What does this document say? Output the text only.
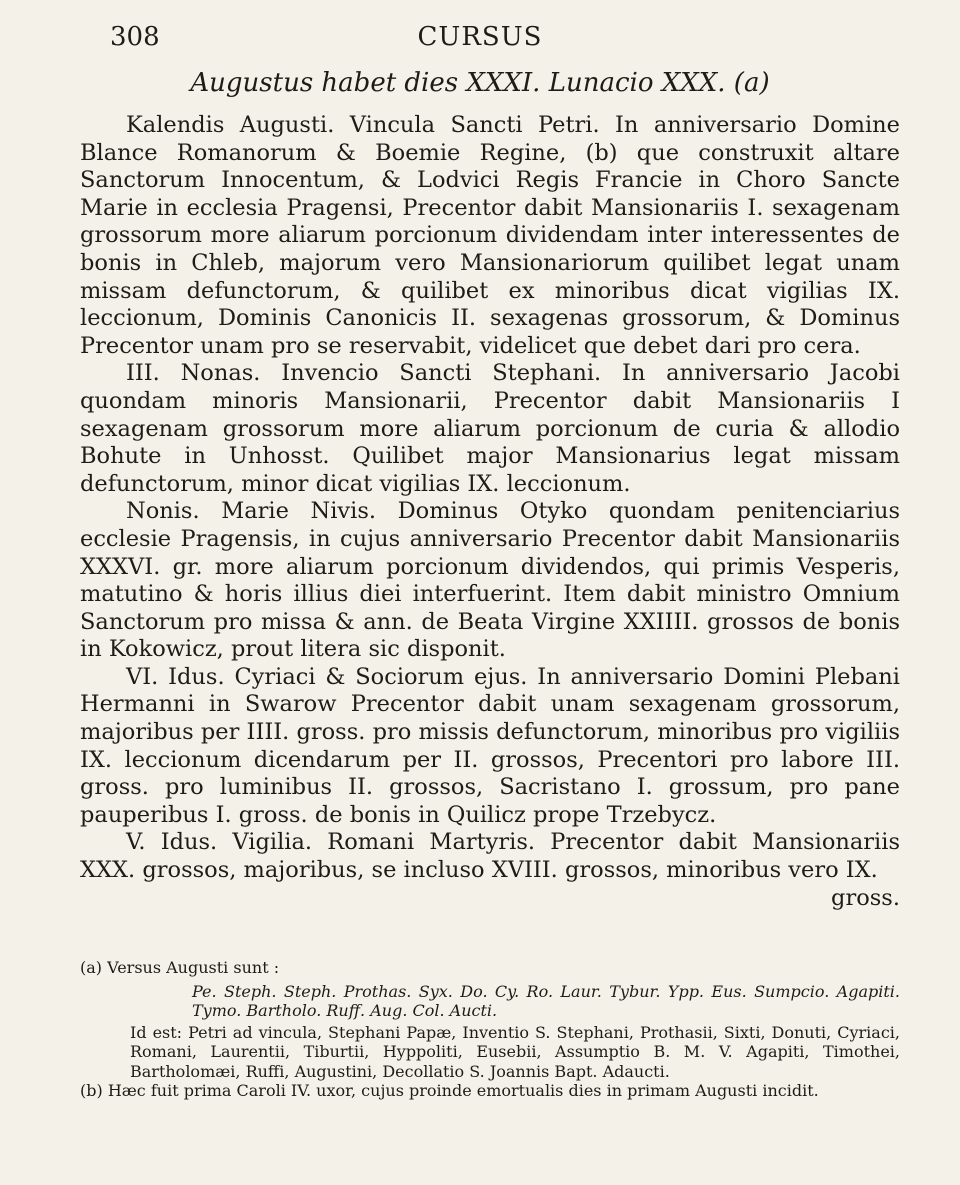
308	CURSUS
Augustus habet dies XXXI. Lunacio XXX. (a)

Kalendis Augusti. Vincula Sancti Petri. In anniversario Domine Blance Romanorum & Boemie Regine, (b) que construxit altare Sanctorum Innocentum, & Lodvici Regis Francie in Choro Sancte Marie in ecclesia Pragensi, Precentor dabit Mansionariis I. sexagenam grossorum more aliarum porcionum dividendam inter interessentes de bonis in Chleb, majorum vero Mansionariorum quilibet legat unam missam defunctorum, & quilibet ex minoribus dicat vigilias IX. leccionum, Dominis Canonicis II. sexagenas grossorum, & Dominus Precentor unam pro se reservabit, videlicet que debet dari pro cera.

III. Nonas. Invencio Sancti Stephani. In anniversario Jacobi quondam minoris Mansionarii, Precentor dabit Mansionariis I sexagenam grossorum more aliarum porcionum de curia & allodio Bohute in Unhosst. Quilibet major Mansionarius legat missam defunctorum, minor dicat vigilias IX. leccionum.

Nonis. Marie Nivis. Dominus Otyko quondam penitenciarius ecclesie Pragensis, in cujus anniversario Precentor dabit Mansionariis XXXVI. gr. more aliarum porcionum dividendos, qui primis Vesperis, matutino & horis illius diei interfuerint. Item dabit ministro Omnium Sanctorum pro missa & ann. de Beata Virgine XXIIII. grossos de bonis in Kokowicz, prout litera sic disponit.

VI. Idus. Cyriaci & Sociorum ejus. In anniversario Domini Plebani Hermanni in Swarow Precentor dabit unam sexagenam grossorum, majoribus per IIII. gross. pro missis defunctorum, minoribus pro vigiliis IX. leccionum dicendarum per II. grossos, Precentori pro labore III. gross. pro luminibus II. grossos, Sacristano I. grossum, pro pane pauperibus I. gross. de bonis in Quilicz prope Trzebycz.

V. Idus. Vigilia. Romani Martyris. Precentor dabit Mansionariis XXX. grossos, majoribus, se incluso XVIII. grossos, minoribus vero IX.

gross.

(a) Versus Augusti sunt :

Pe. Steph. Steph. Prothas. Syx. Do. Cy. Ro. Laur. Tybur. Ypp. Eus. Sumpcio. Agapiti. Tymo. Bartholo. Ruff. Aug. Col. Aucti.

Id est: Petri ad vincula, Stephani Papæ, Inventio S. Stephani, Prothasii, Sixti, Donuti, Cyriaci, Romani, Laurentii, Tiburtii, Hyppoliti, Eusebii, Assumptio B. M. V. Agapiti, Timothei, Bartholomæi, Ruffi, Augustini, Decollatio S. Joannis Bapt. Adaucti.

(b) Hæc fuit prima Caroli IV. uxor, cujus proinde emortualis dies in primam Augusti incidit.
